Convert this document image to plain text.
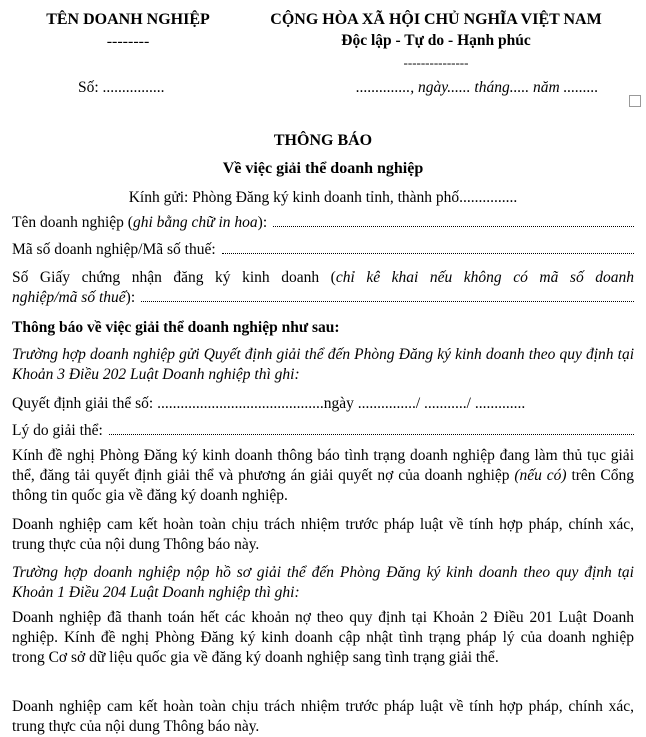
TÊN DOANH NGHIỆP
--------
CỘNG HÒA XÃ HỘI CHỦ NGHĨA VIỆT NAM
Độc lập - Tự do - Hạnh phúc
---------------
Số: ................	.............., ngày...... tháng..... năm .........
THÔNG BÁO
Về việc giải thể doanh nghiệp
Kính gửi: Phòng Đăng ký kinh doanh tỉnh, thành phố...............
Tên doanh nghiệp (ghi bằng chữ in hoa):
Mã số doanh nghiệp/Mã số thuế:
Số Giấy chứng nhận đăng ký kinh doanh (chỉ kê khai nếu không có mã số doanh
nghiệp/mã số thuế):
Thông báo về việc giải thể doanh nghiệp như sau:
Trường hợp doanh nghiệp gửi Quyết định giải thể đến Phòng Đăng ký kinh doanh theo quy định tại Khoản 3 Điều 202 Luật Doanh nghiệp thì ghi:
Quyết định giải thể số: ...........................................ngày .............../ .........../ .............
Lý do giải thể:
Kính đề nghị Phòng Đăng ký kinh doanh thông báo tình trạng doanh nghiệp đang làm thủ tục giải thể, đăng tải quyết định giải thể và phương án giải quyết nợ của doanh nghiệp (nếu có) trên Cổng thông tin quốc gia về đăng ký doanh nghiệp.
Doanh nghiệp cam kết hoàn toàn chịu trách nhiệm trước pháp luật về tính hợp pháp, chính xác, trung thực của nội dung Thông báo này.
Trường hợp doanh nghiệp nộp hồ sơ giải thể đến Phòng Đăng ký kinh doanh theo quy định tại Khoản 1 Điều 204 Luật Doanh nghiệp thì ghi:
Doanh nghiệp đã thanh toán hết các khoản nợ theo quy định tại Khoản 2 Điều 201 Luật Doanh nghiệp. Kính đề nghị Phòng Đăng ký kinh doanh cập nhật tình trạng pháp lý của doanh nghiệp trong Cơ sở dữ liệu quốc gia về đăng ký doanh nghiệp sang tình trạng giải thể.
Doanh nghiệp cam kết hoàn toàn chịu trách nhiệm trước pháp luật về tính hợp pháp, chính xác, trung thực của nội dung Thông báo này.
